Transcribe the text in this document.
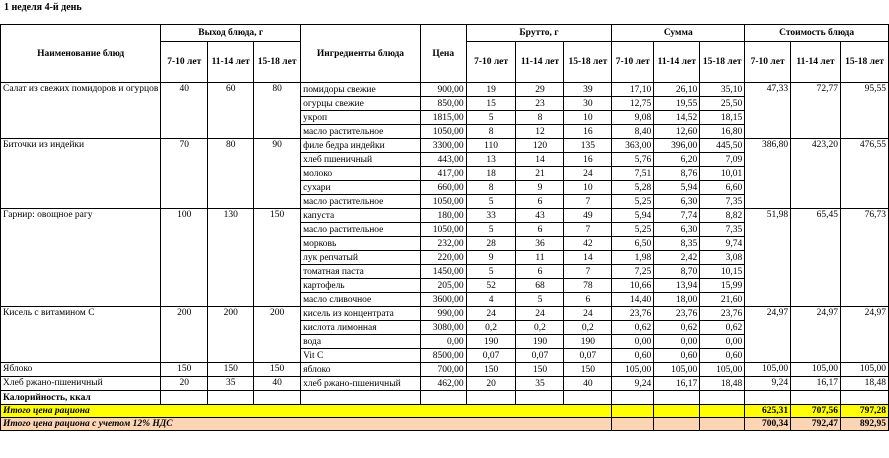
1 неделя 4-й день
Наименование блюд	Выход блюда, г			Ингредиенты блюда	Цена	Брутто, г			Сумма			Стоимость блюда		
	7-10 лет	11-14 лет	15-18 лет			7-10 лет	11-14 лет	15-18 лет	7-10 лет	11-14 лет	15-18 лет	7-10 лет	11-14 лет	15-18 лет
Салат из свежих помидоров и огурцов	40	60	80	помидоры свежие	900,00	19	29	39	17,10	26,10	35,10	47,33	72,77	95,55
				огурцы свежие	850,00	15	23	30	12,75	19,55	25,50			
				укроп	1815,00	5	8	10	9,08	14,52	18,15			
				масло растительное	1050,00	8	12	16	8,40	12,60	16,80			
Биточки из индейки	70	80	90	филе бедра индейки	3300,00	110	120	135	363,00	396,00	445,50	386,80	423,20	476,55
				хлеб пшеничный	443,00	13	14	16	5,76	6,20	7,09			
				молоко	417,00	18	21	24	7,51	8,76	10,01			
				сухари	660,00	8	9	10	5,28	5,94	6,60			
				масло растительное	1050,00	5	6	7	5,25	6,30	7,35			
Гарнир: овощное рагу	100	130	150	капуста	180,00	33	43	49	5,94	7,74	8,82	51,98	65,45	76,73
				масло растительное	1050,00	5	6	7	5,25	6,30	7,35			
				морковь	232,00	28	36	42	6,50	8,35	9,74			
				лук репчатый	220,00	9	11	14	1,98	2,42	3,08			
				томатная паста	1450,00	5	6	7	7,25	8,70	10,15			
				картофель	205,00	52	68	78	10,66	13,94	15,99			
				масло сливочное	3600,00	4	5	6	14,40	18,00	21,60			
Кисель с витамином С	200	200	200	кисель из концентрата	990,00	24	24	24	23,76	23,76	23,76	24,97	24,97	24,97
				кислота лимонная	3080,00	0,2	0,2	0,2	0,62	0,62	0,62			
				вода	0,00	190	190	190	0,00	0,00	0,00			
				Vit C	8500,00	0,07	0,07	0,07	0,60	0,60	0,60			
Яблоко	150	150	150	яблоко	700,00	150	150	150	105,00	105,00	105,00	105,00	105,00	105,00
Хлеб ржано-пшеничный	20	35	40	хлеб ржано-пшеничный	462,00	20	35	40	9,24	16,17	18,48	9,24	16,17	18,48
Калорийность, ккал														
Итого цена рациона												625,31	707,56	797,28
Итого цена рациона с учетом 12% НДС												700,34	792,47	892,95
